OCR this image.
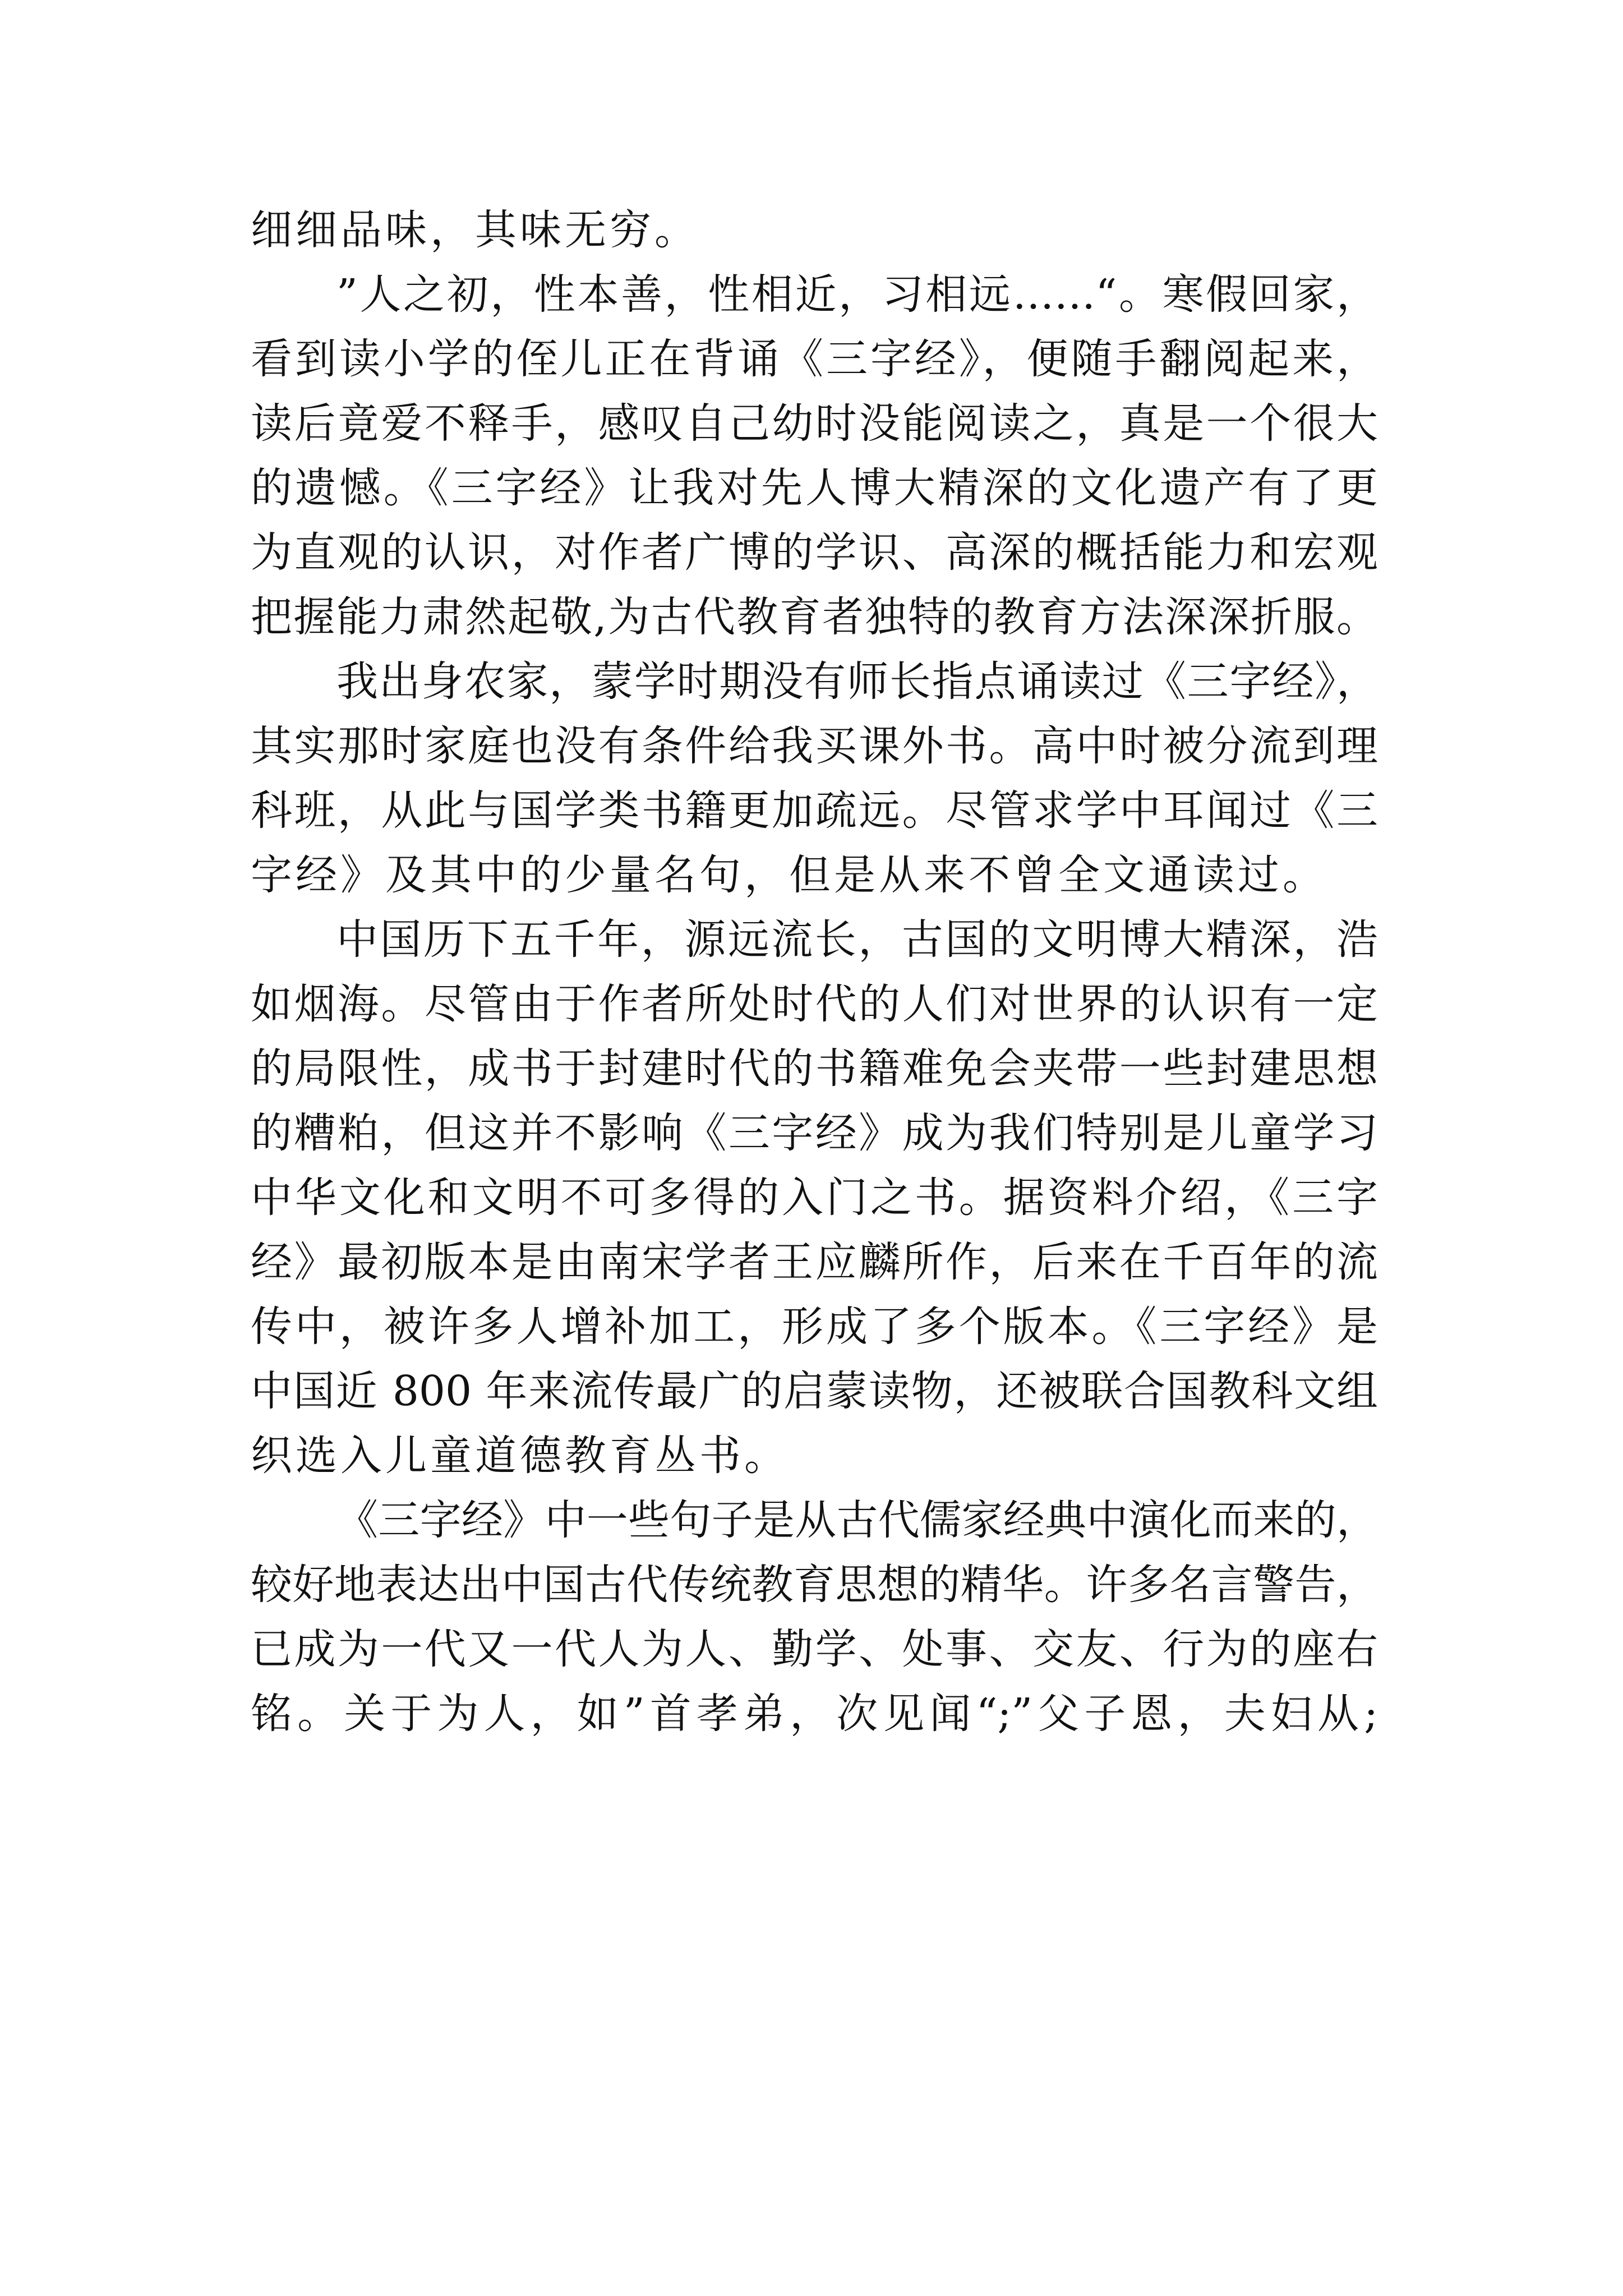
细细品味，其味无穷。
”人之初，性本善，性相近，习相远……“。寒假回家，
看到读小学的侄儿正在背诵《三字经》，便随手翻阅起来，
读后竟爱不释手，感叹自己幼时没能阅读之，真是一个很大
的遗憾。《三字经》让我对先人博大精深的文化遗产有了更
为直观的认识，对作者广博的学识、高深的概括能力和宏观
把握能力肃然起敬,为古代教育者独特的教育方法深深折服。
我出身农家，蒙学时期没有师长指点诵读过《三字经》，
其实那时家庭也没有条件给我买课外书。高中时被分流到理
科班，从此与国学类书籍更加疏远。尽管求学中耳闻过《三
字经》及其中的少量名句，但是从来不曾全文通读过。
中国历下五千年，源远流长，古国的文明博大精深，浩
如烟海。尽管由于作者所处时代的人们对世界的认识有一定
的局限性，成书于封建时代的书籍难免会夹带一些封建思想
的糟粕，但这并不影响《三字经》成为我们特别是儿童学习
中华文化和文明不可多得的入门之书。据资料介绍，《三字
经》最初版本是由南宋学者王应麟所作，后来在千百年的流
传中，被许多人增补加工，形成了多个版本。《三字经》是
中国近 800 年来流传最广的启蒙读物，还被联合国教科文组
织选入儿童道德教育丛书。
《三字经》中一些句子是从古代儒家经典中演化而来的，
较好地表达出中国古代传统教育思想的精华。许多名言警告，
已成为一代又一代人为人、勤学、处事、交友、行为的座右
铭。关于为人，如”首孝弟，次见闻“;”父子恩，夫妇从;
